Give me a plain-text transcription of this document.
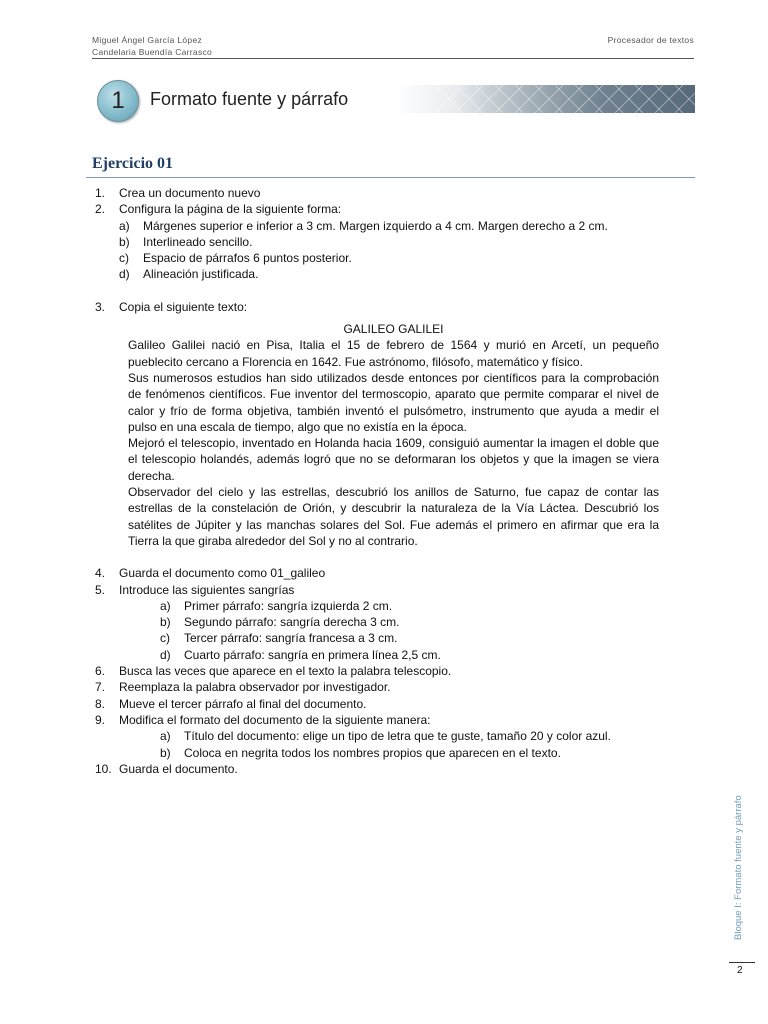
Miguel Ángel García López
Candelaria Buendía Carrasco
Procesador de textos
1	Formato fuente y párrafo
Ejercicio 01
1. Crea un documento nuevo
2. Configura la página de la siguiente forma:
a) Márgenes superior e inferior a 3 cm. Margen izquierdo a 4 cm. Margen derecho a 2 cm.
b) Interlineado sencillo.
c) Espacio de párrafos 6 puntos posterior.
d) Alineación justificada.
3. Copia el siguiente texto:
GALILEO GALILEI

Galileo Galilei nació en Pisa, Italia el 15 de febrero de 1564 y murió en Arcetí, un pequeño pueblecito cercano a Florencia en 1642. Fue astrónomo, filósofo, matemático y físico.

Sus numerosos estudios han sido utilizados desde entonces por científicos para la comprobación de fenómenos científicos. Fue inventor del termoscopio, aparato que permite comparar el nivel de calor y frío de forma objetiva, también inventó el pulsómetro, instrumento que ayuda a medir el pulso en una escala de tiempo, algo que no existía en la época.

Mejoró el telescopio, inventado en Holanda hacia 1609, consiguió aumentar la imagen el doble que el telescopio holandés, además logró que no se deformaran los objetos y que la imagen se viera derecha.

Observador del cielo y las estrellas, descubrió los anillos de Saturno, fue capaz de contar las estrellas de la constelación de Orión, y descubrir la naturaleza de la Vía Láctea. Descubrió los satélites de Júpiter y las manchas solares del Sol. Fue además el primero en afirmar que era la Tierra la que giraba alrededor del Sol y no al contrario.

4. Guarda el documento como 01_galileo
5. Introduce las siguientes sangrías
a) Primer párrafo: sangría izquierda 2 cm.
b) Segundo párrafo: sangría derecha 3 cm.
c) Tercer párrafo: sangría francesa a 3 cm.
d) Cuarto párrafo: sangría en primera línea 2,5 cm.
6. Busca las veces que aparece en el texto la palabra telescopio.
7. Reemplaza la palabra observador por investigador.
8. Mueve el tercer párrafo al final del documento.
9. Modifica el formato del documento de la siguiente manera:
a) Título del documento: elige un tipo de letra que te guste, tamaño 20 y color azul.
b) Coloca en negrita todos los nombres propios que aparecen en el texto.
10. Guarda el documento.
Bloque I: Formato fuente y párrafo
2
